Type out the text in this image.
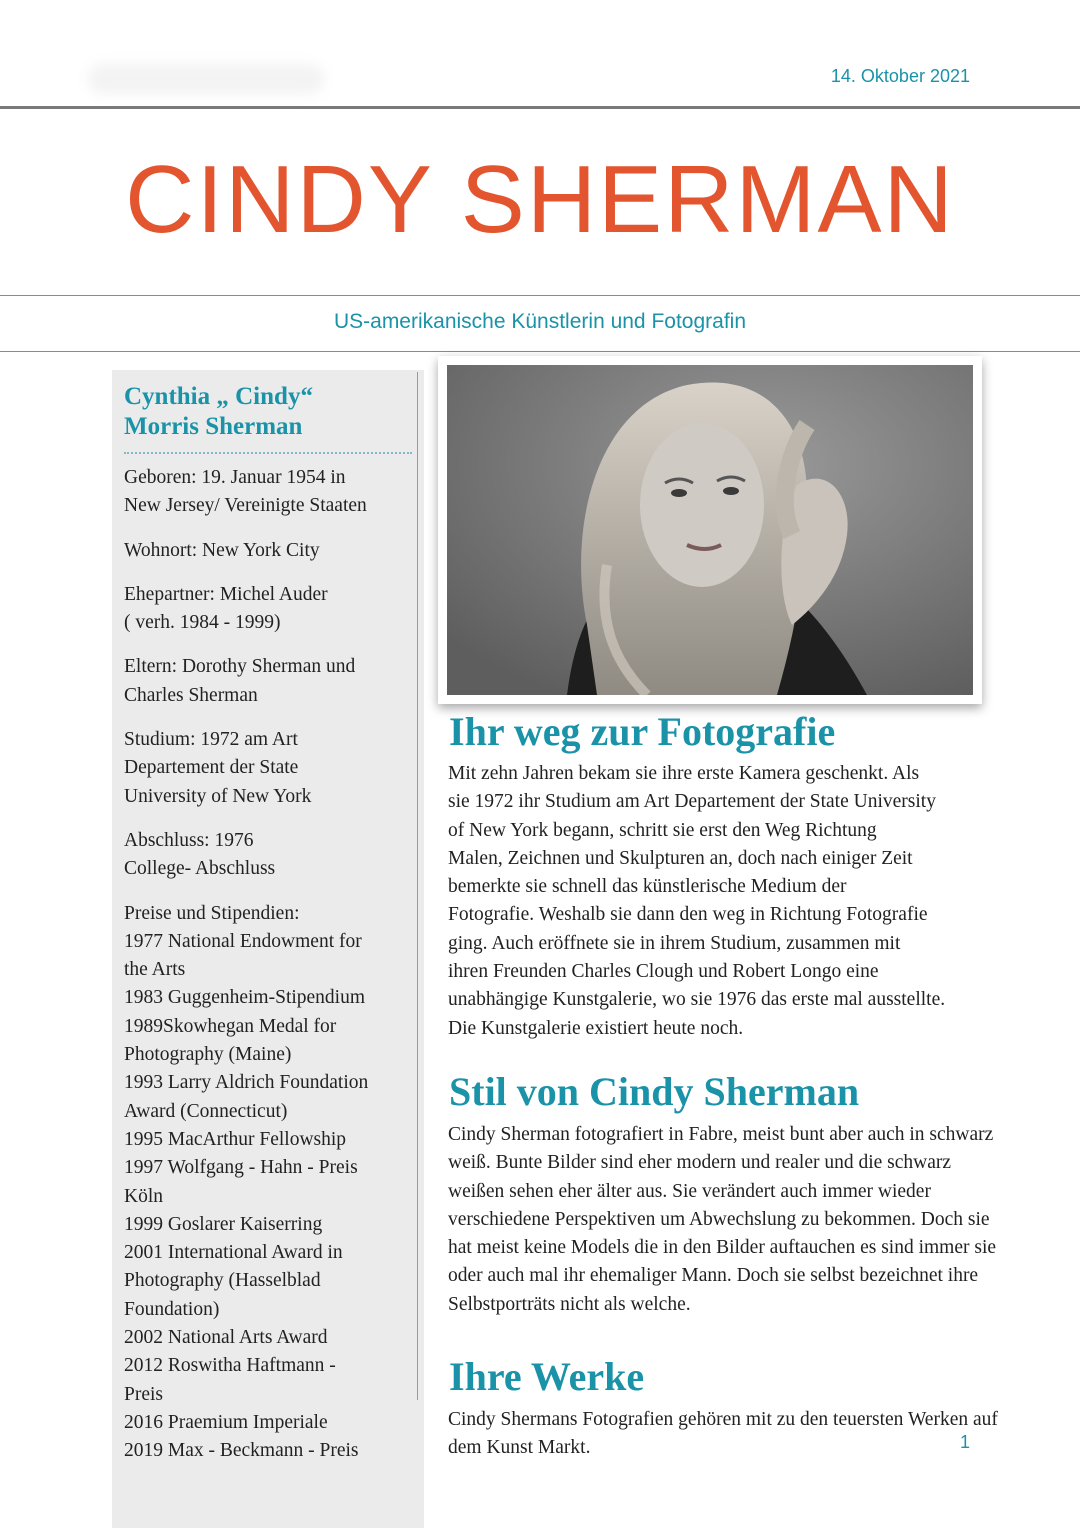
14. Oktober 2021
CINDY SHERMAN
US-amerikanische Künstlerin und Fotografin
Cynthia „ Cindy“
Morris Sherman
Geboren: 19. Januar 1954 in
New Jersey/ Vereinigte Staaten
Wohnort: New York City
Ehepartner: Michel Auder
( verh. 1984 - 1999)
Eltern: Dorothy Sherman und
Charles Sherman
Studium: 1972 am Art
Departement der State
University of New York
Abschluss: 1976
College- Abschluss
Preise und Stipendien:
1977 National Endowment for
the Arts
1983 Guggenheim-Stipendium
1989Skowhegan Medal for
Photography (Maine)
1993 Larry Aldrich Foundation
Award (Connecticut)
1995 MacArthur Fellowship
1997 Wolfgang - Hahn - Preis
Köln
1999 Goslarer Kaiserring
2001 International Award in
Photography (Hasselblad
Foundation)
2002 National Arts Award
2012 Roswitha Haftmann -
Preis
2016 Praemium Imperiale
2019 Max - Beckmann - Preis
Ihr weg zur Fotografie
Mit zehn Jahren bekam sie ihre erste Kamera geschenkt. Als
sie 1972 ihr Studium am Art Departement der State University
of New York begann, schritt sie erst den Weg Richtung
Malen, Zeichnen und Skulpturen an, doch nach einiger Zeit
bemerkte sie schnell das künstlerische Medium der
Fotografie. Weshalb sie dann den weg in Richtung Fotografie
ging. Auch eröffnete sie in ihrem Studium, zusammen mit
ihren Freunden Charles Clough und Robert Longo eine
unabhängige Kunstgalerie, wo sie 1976 das erste mal ausstellte.
Die Kunstgalerie existiert heute noch.
Stil von Cindy Sherman
Cindy Sherman fotografiert in Fabre, meist bunt aber auch in schwarz
weiß. Bunte Bilder sind eher modern und realer und die schwarz
weißen sehen eher älter aus. Sie verändert auch immer wieder
verschiedene Perspektiven um Abwechslung zu bekommen. Doch sie
hat meist keine Models die in den Bilder auftauchen es sind immer sie
oder auch mal ihr ehemaliger Mann. Doch sie selbst bezeichnet ihre
Selbstporträts nicht als welche.
Ihre Werke
Cindy Shermans Fotografien gehören mit zu den teuersten Werken auf
dem Kunst Markt.	1
